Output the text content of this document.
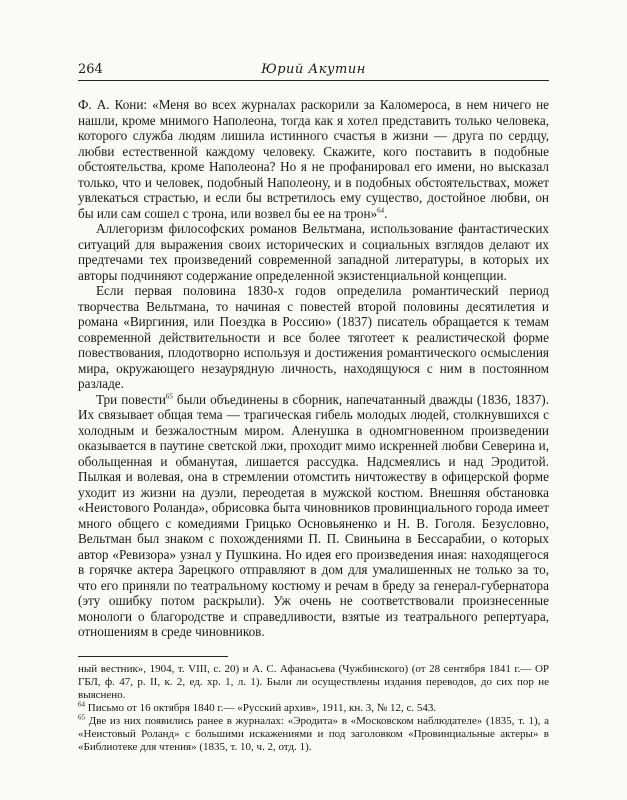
264	Юрий Акутин

Ф. А. Кони: «Меня во всех журналах раскорили за Каломероса, в нем ничего не нашли, кроме мнимого Наполеона, тогда как я хотел представить только человека, которого служба людям лишила истинного счастья в жизни — друга по сердцу, любви естественной каждому человеку. Скажите, кого поставить в подобные обстоятельства, кроме Наполеона? Но я не профанировал его имени, но высказал только, что и человек, подобный Наполеону, и в подобных обстоятельствах, может увлекаться страстью, и если бы встретилось ему существо, достойное любви, он бы или сам сошел с трона, или возвел бы ее на трон»$^{64}$.

Аллегоризм философских романов Вельтмана, использование фантастических ситуаций для выражения своих исторических и социальных взглядов делают их предтечами тех произведений современной западной литературы, в которых их авторы подчиняют содержание определенной экзистенциальной концепции.

Если первая половина 1830-х годов определила романтический период творчества Вельтмана, то начиная с повестей второй половины десятилетия и романа «Виргиния, или Поездка в Россию» (1837) писатель обращается к темам современной действительности и все более тяготеет к реалистической форме повествования, плодотворно используя и достижения романтического осмысления мира, окружающего незаурядную личность, находящуюся с ним в постоянном разладе.

Три повести$^{65}$ были объединены в сборник, напечатанный дважды (1836, 1837). Их связывает общая тема — трагическая гибель молодых людей, столкнувшихся с холодным и безжалостным миром. Аленушка в одномгновенном произведении оказывается в паутине светской лжи, проходит мимо искренней любви Северина и, обольщенная и обманутая, лишается рассудка. Надсмеялись и над Эродитой. Пылкая и волевая, она в стремлении отомстить ничтожеству в офицерской форме уходит из жизни на дуэли, переодетая в мужской костюм. Внешняя обстановка «Неистового Роланда», обрисовка быта чиновников провинциального города имеет много общего с комедиями Грицько Основьяненко и Н. В. Гоголя. Безусловно, Вельтман был знаком с похождениями П. П. Свиньина в Бессарабии, о которых автор «Ревизора» узнал у Пушкина. Но идея его произведения иная: находящегося в горячке актера Зарецкого отправляют в дом для умалишенных не только за то, что его приняли по театральному костюму и речам в бреду за генерал-губернатора (эту ошибку потом раскрыли). Уж очень не соответствовали произнесенные монологи о благородстве и справедливости, взятые из театрального репертуара, отношениям в среде чиновников.

ный вестник», 1904, т. VIII, с. 20) и А. С. Афанасьева (Чужбинского) (от 28 сентября 1841 г.— ОР ГБЛ, ф. 47, р. II, к. 2, ед. хр. 1, л. 1). Были ли осуществлены издания переводов, до сих пор не выяснено.

$^{64}$ Письмо от 16 октября 1840 г.— «Русский архив», 1911, кн. 3, № 12, с. 543.

$^{65}$ Две из них появились ранее в журналах: «Эродита» в «Московском наблюдателе» (1835, т. 1), а «Неистовый Роланд» с большими искажениями и под заголовком «Провинциальные актеры» в «Библиотеке для чтения» (1835, т. 10, ч. 2, отд. 1).
